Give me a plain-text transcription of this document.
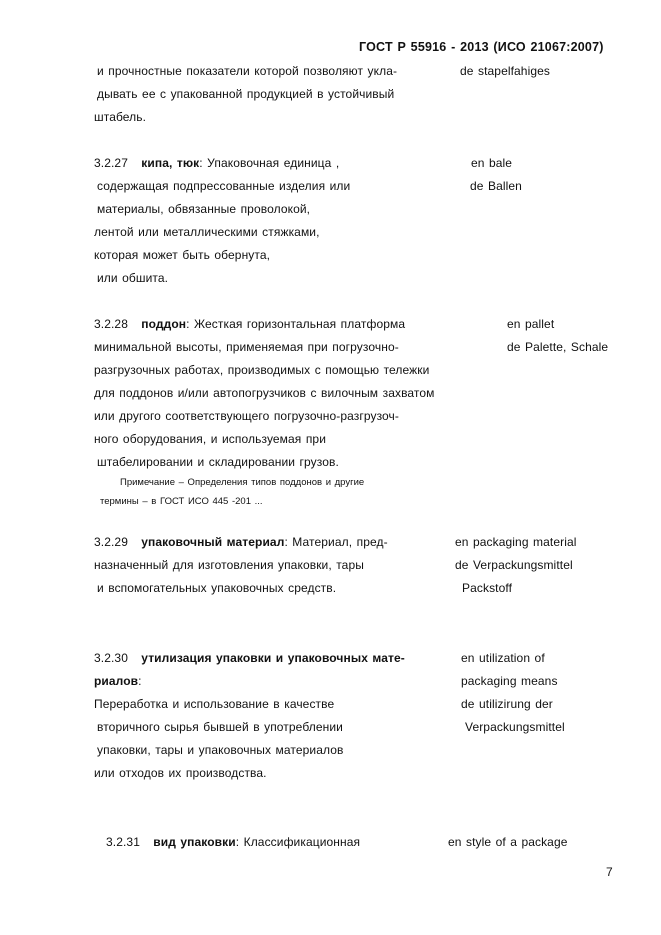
ГОСТ Р 55916 - 2013 (ИСО 21067:2007)
и прочностные показатели которой позволяют укла-
дывать ее с упакованной продукцией в устойчивый
штабель.
de stapelfahiges
3.2.27 кипа, тюк: Упаковочная единица ,
содержащая подпрессованные изделия или
материалы, обвязанные проволокой,
лентой или металлическими стяжками,
которая может быть обернута,
или обшита.
en bale
de Ballen
3.2.28 поддон: Жесткая горизонтальная платформа
минимальной высоты, применяемая при погрузочно-
разгрузочных работах, производимых с помощью тележки
для поддонов и/или автопогрузчиков с вилочным захватом
или другого соответствующего погрузочно-разгрузоч-
ного оборудования, и используемая при
штабелировании и складировании грузов.
Примечание – Определения типов поддонов и другие
термины – в ГОСТ ИСО 445 -201 ...
en pallet
de Palette, Schale
3.2.29 упаковочный материал: Материал, пред-
назначенный для изготовления упаковки, тары
и вспомогательных упаковочных средств.
en packaging material
de Verpackungsmittel
Packstoff
3.2.30 утилизация упаковки и упаковочных мате-
риалов:
Переработка и использование в качестве
вторичного сырья бывшей в употреблении
упаковки, тары и упаковочных материалов
или отходов их производства.
en utilization of
packaging means
de utilizirung der
Verpackungsmittel
3.2.31 вид упаковки: Классификационная	en style of a package
7
